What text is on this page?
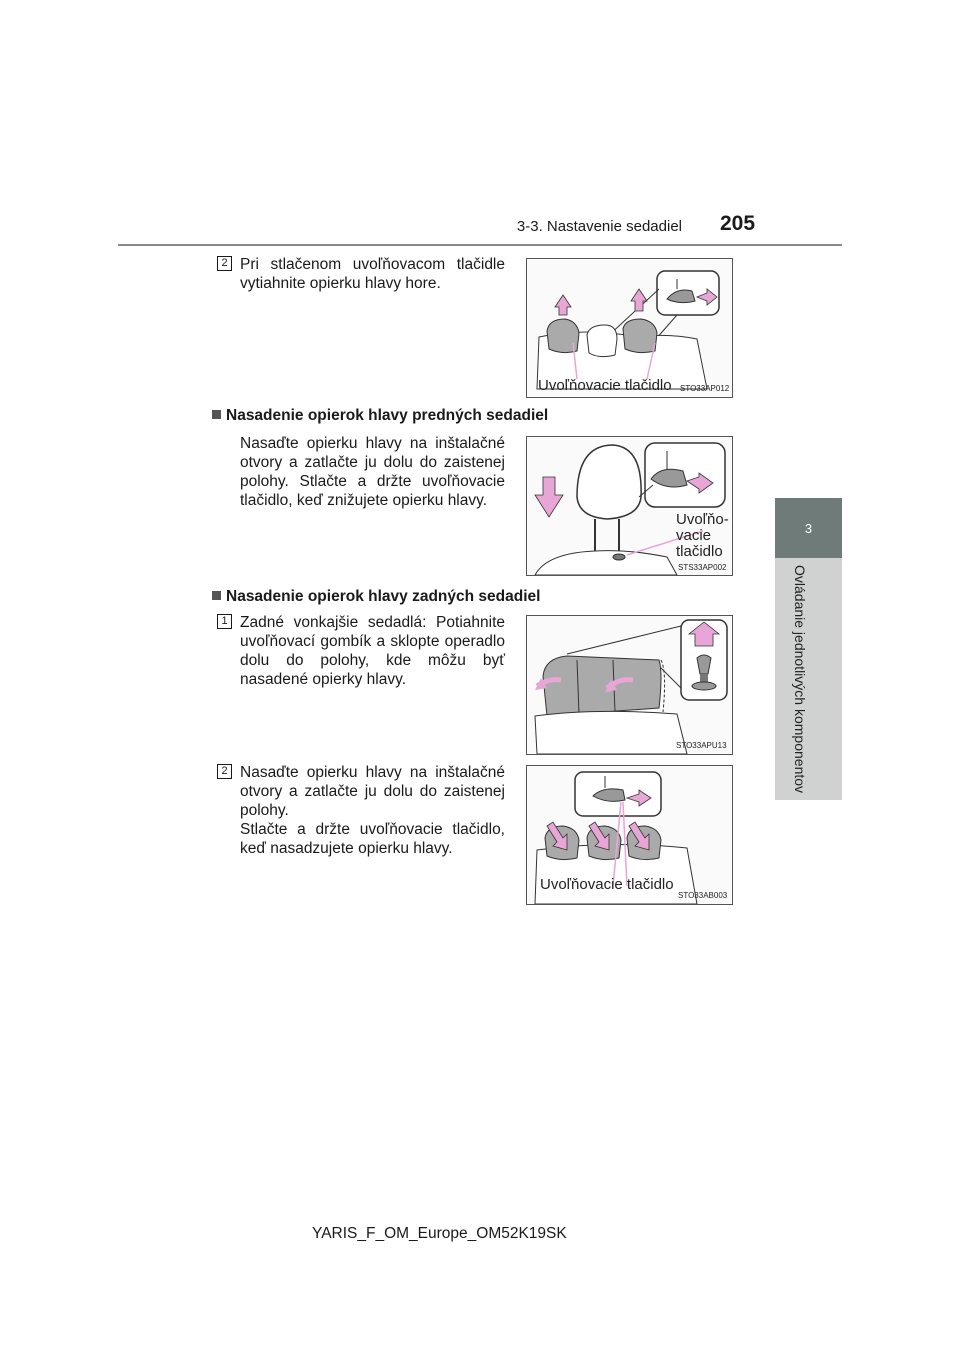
3-3. Nastavenie sedadiel 205
3
Ovládanie jednotlivých komponentov
2 Pri stlačenom uvoľňovacom tlačidle vytiahnite opierku hlavy hore.
Uvoľňovacie tlačidlo STO33AP012
Nasadenie opierok hlavy predných sedadiel
Nasaďte opierku hlavy na inštalačné otvory a zatlačte ju dolu do zaistenej polohy. Stlačte a držte uvoľňovacie tlačidlo, keď znižujete opierku hlavy.
Uvoľňo-
vacie
tlačidlo
STS33AP002
Nasadenie opierok hlavy zadných sedadiel
1 Zadné vonkajšie sedadlá: Potiahnite uvoľňovací gombík a sklopte operadlo dolu do polohy, kde môžu byť nasadené opierky hlavy.
STO33APU13
2 Nasaďte opierku hlavy na inštalačné otvory a zatlačte ju dolu do zaistenej polohy.
Stlačte a držte uvoľňovacie tlačidlo, keď nasadzujete opierku hlavy.
Uvoľňovacie tlačidlo
STO33AB003
YARIS_F_OM_Europe_OM52K19SK
